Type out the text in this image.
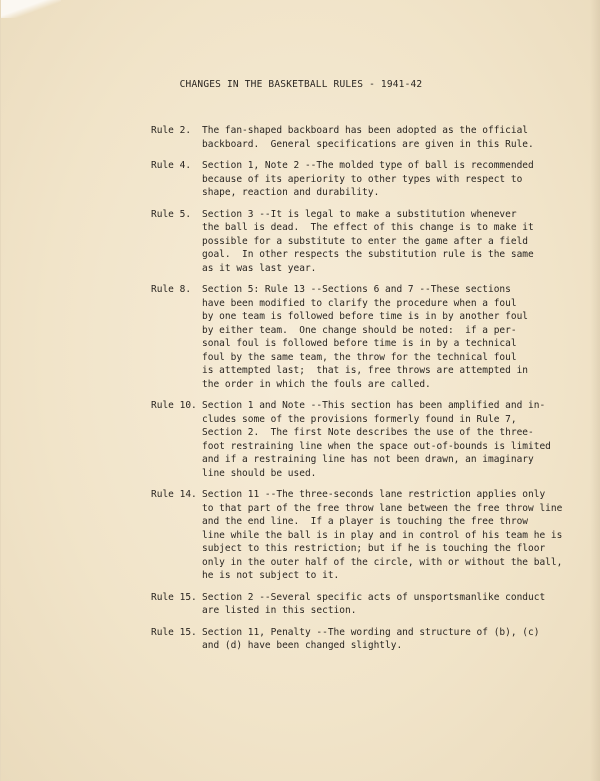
CHANGES IN THE BASKETBALL RULES - 1941-42
Rule 2.	The fan-shaped backboard has been adopted as the official
backboard.  General specifications are given in this Rule.
Rule 4.	Section 1, Note 2 --The molded type of ball is recommended
because of its aperiority to other types with respect to
shape, reaction and durability.
Rule 5.	Section 3 --It is legal to make a substitution whenever
the ball is dead.  The effect of this change is to make it
possible for a substitute to enter the game after a field
goal.  In other respects the substitution rule is the same
as it was last year.
Rule 8.	Section 5: Rule 13 --Sections 6 and 7 --These sections
have been modified to clarify the procedure when a foul
by one team is followed before time is in by another foul
by either team.  One change should be noted:  if a per-
sonal foul is followed before time is in by a technical
foul by the same team, the throw for the technical foul
is attempted last;  that is, free throws are attempted in
the order in which the fouls are called.
Rule 10. Section 1 and Note --This section has been amplified and in-
cludes some of the provisions formerly found in Rule 7,
Section 2.  The first Note describes the use of the three-
foot restraining line when the space out-of-bounds is limited
and if a restraining line has not been drawn, an imaginary
line should be used.
Rule 14. Section 11 --The three-seconds lane restriction applies only
to that part of the free throw lane between the free throw line
and the end line.  If a player is touching the free throw
line while the ball is in play and in control of his team he is
subject to this restriction; but if he is touching the floor
only in the outer half of the circle, with or without the ball,
he is not subject to it.
Rule 15. Section 2 --Several specific acts of unsportsmanlike conduct
are listed in this section.
Rule 15. Section 11, Penalty --The wording and structure of (b), (c)
and (d) have been changed slightly.
